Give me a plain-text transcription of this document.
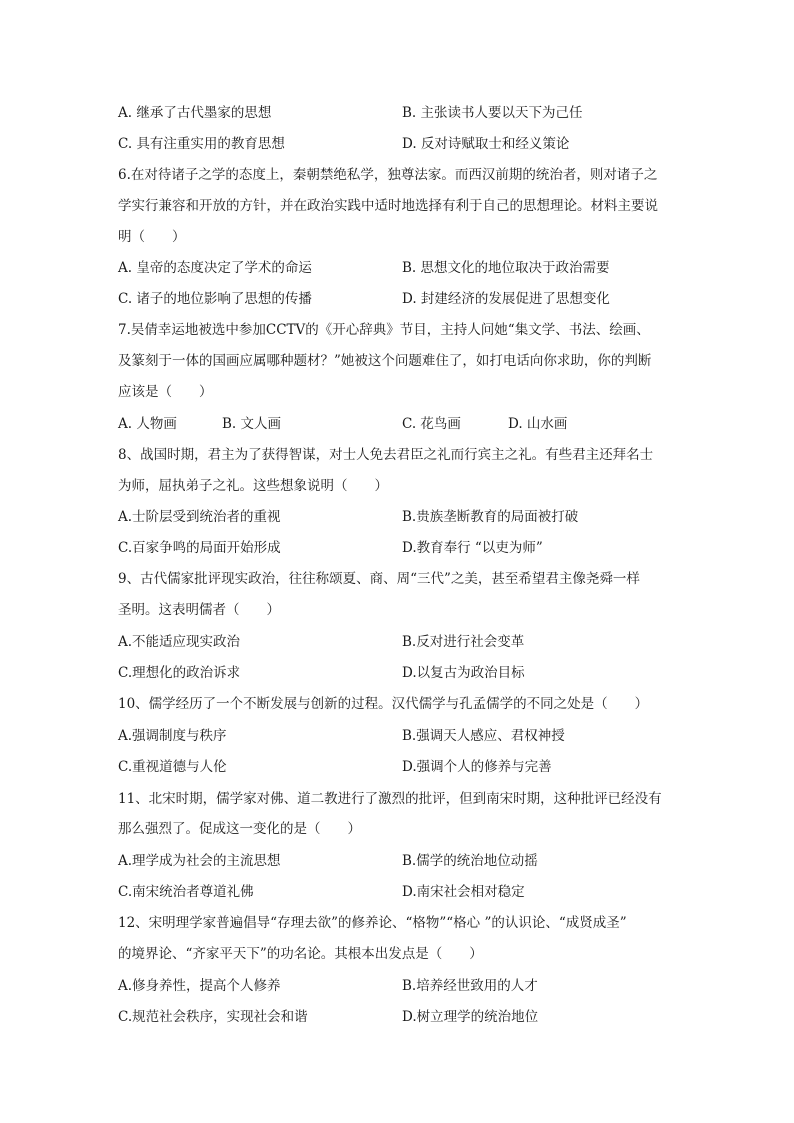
A. 继承了古代墨家的思想	B. 主张读书人要以天下为己任
C. 具有注重实用的教育思想	D. 反对诗赋取士和经义策论
6.在对待诸子之学的态度上，秦朝禁绝私学，独尊法家。而西汉前期的统治者，则对诸子之
学实行兼容和开放的方针，并在政治实践中适时地选择有利于自己的思想理论。材料主要说
明（　　）
A. 皇帝的态度决定了学术的命运	B. 思想文化的地位取决于政治需要
C. 诸子的地位影响了思想的传播	D. 封建经济的发展促进了思想变化
7.吴倩幸运地被选中参加CCTV的《开心辞典》节目，主持人问她“集文学、书法、绘画、
及篆刻于一体的国画应属哪种题材？”她被这个问题难住了，如打电话向你求助，你的判断
应该是（　　）
A. 人物画	B. 文人画	C. 花鸟画	D. 山水画
8、战国时期，君主为了获得智谋，对士人免去君臣之礼而行宾主之礼。有些君主还拜名士
为师，屈执弟子之礼。这些想象说明（　　）
A.士阶层受到统治者的重视	B.贵族垄断教育的局面被打破
C.百家争鸣的局面开始形成	D.教育奉行 “以吏为师”
9、古代儒家批评现实政治，往往称颂夏、商、周“三代”之美，甚至希望君主像尧舜一样
圣明。这表明儒者（　　）
A.不能适应现实政治	B.反对进行社会变革
C.理想化的政治诉求	D.以复古为政治目标
10、儒学经历了一个不断发展与创新的过程。汉代儒学与孔孟儒学的不同之处是（　　）
A.强调制度与秩序	B.强调天人感应、君权神授
C.重视道德与人伦	D.强调个人的修养与完善
11、北宋时期，儒学家对佛、道二教进行了激烈的批评，但到南宋时期，这种批评已经没有
那么强烈了。促成这一变化的是（　　）
A.理学成为社会的主流思想	B.儒学的统治地位动摇
C.南宋统治者尊道礼佛	D.南宋社会相对稳定
12、宋明理学家普遍倡导“存理去欲”的修养论、“格物”“格心 ”的认识论、“成贤成圣”
的境界论、“齐家平天下”的功名论。其根本出发点是（　　）
A.修身养性，提高个人修养	B.培养经世致用的人才
C.规范社会秩序，实现社会和谐	D.树立理学的统治地位
